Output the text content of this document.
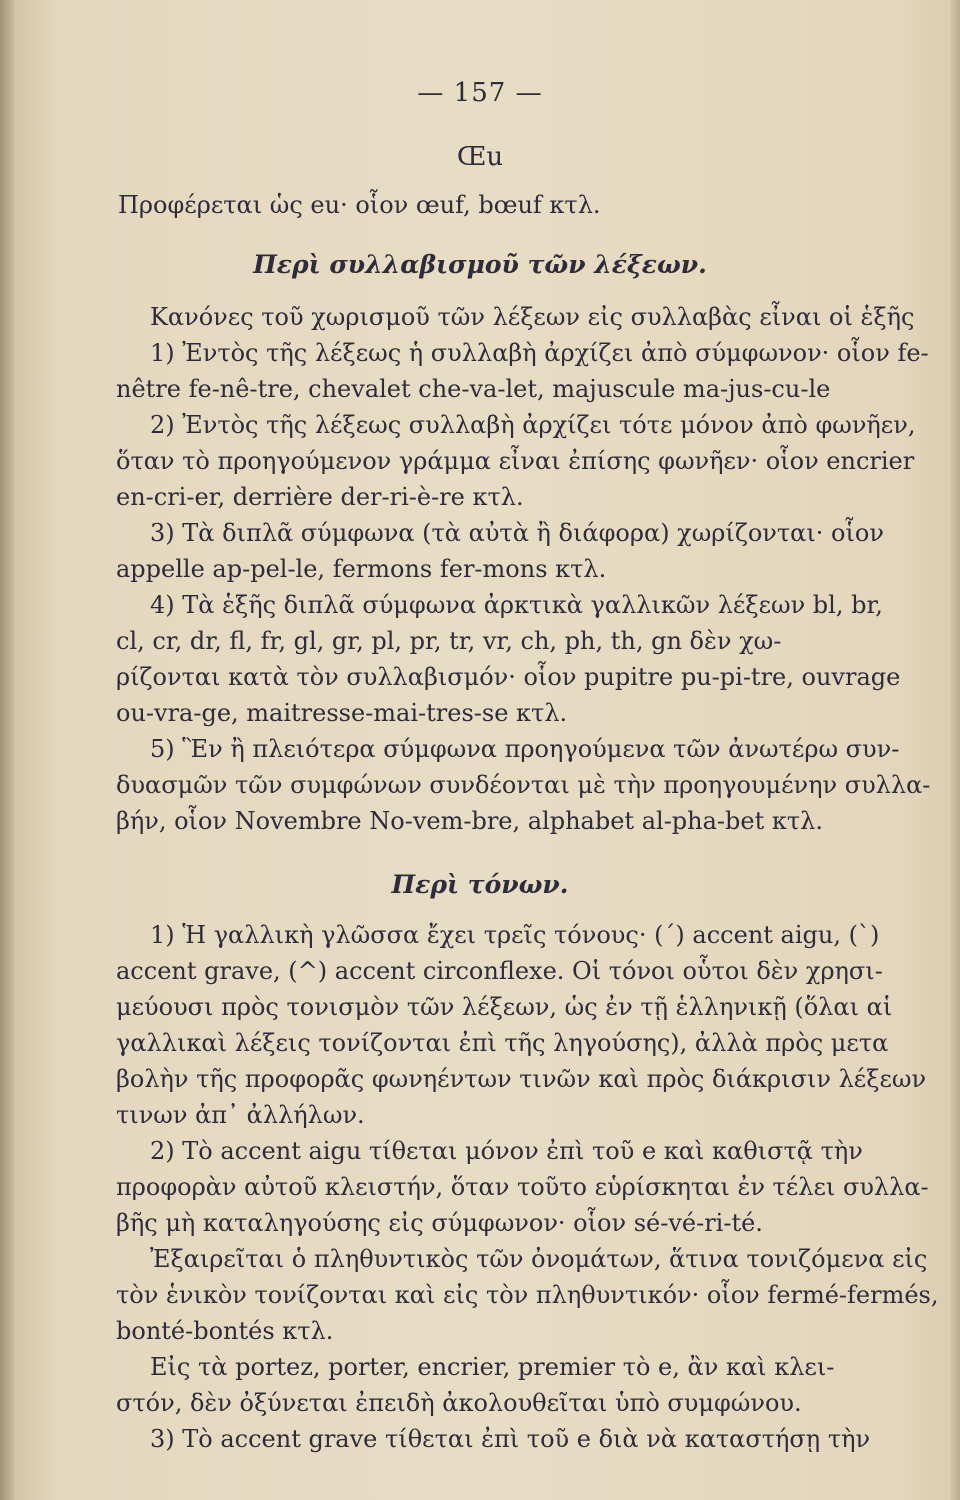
— 157 —
Œu
Προφέρεται ὡς eu· οἷον œuf, bœuf κτλ.
Περὶ συλλαβισμοῦ τῶν λέξεων.
Κανόνες τοῦ χωρισμοῦ τῶν λέξεων εἰς συλλαβὰς εἶναι οἱ ἑξῆς
1) Ἐντὸς τῆς λέξεως ἡ συλλαβὴ ἀρχίζει ἀπὸ σύμφωνον· οἷον fe-
nêtre fe-nê-tre, chevalet che-va-let, majuscule ma-jus-cu-le
2) Ἐντὸς τῆς λέξεως συλλαβὴ ἀρχίζει τότε μόνον ἀπὸ φωνῆεν,
ὅταν τὸ προηγούμενον γράμμα εἶναι ἐπίσης φωνῆεν· οἷον encrier
en-cri-er, derrière der-ri-è-re κτλ.
3) Τὰ διπλᾶ σύμφωνα (τὰ αὐτὰ ἢ διάφορα) χωρίζονται· οἷον
appelle ap-pel-le, fermons fer-mons κτλ.
4) Τὰ ἑξῆς διπλᾶ σύμφωνα ἀρκτικὰ γαλλικῶν λέξεων bl, br,
cl, cr, dr, fl, fr, gl, gr, pl, pr, tr, vr, ch, ph, th, gn δὲν χω-
ρίζονται κατὰ τὸν συλλαβισμόν· οἷον pupitre pu-pi-tre, ouvrage
ou-vra-ge, maitresse-mai-tres-se κτλ.
5) Ἓν ἢ πλειότερα σύμφωνα προηγούμενα τῶν ἀνωτέρω συν-
δυασμῶν τῶν συμφώνων συνδέονται μὲ τὴν προηγουμένην συλλα-
βήν, οἷον Novembre No-vem-bre, alphabet al-pha-bet κτλ.
Περὶ τόνων.
1) Ἡ γαλλικὴ γλῶσσα ἔχει τρεῖς τόνους· (΄) accent aigu, (`)
accent grave, (^) accent circonflexe. Οἱ τόνοι οὗτοι δὲν χρησι-
μεύουσι πρὸς τονισμὸν τῶν λέξεων, ὡς ἐν τῇ ἑλληνικῇ (ὅλαι αἱ
γαλλικαὶ λέξεις τονίζονται ἐπὶ τῆς ληγούσης), ἀλλὰ πρὸς μετα
βολὴν τῆς προφορᾶς φωνηέντων τινῶν καὶ πρὸς διάκρισιν λέξεων
τινων ἀπ᾿ ἀλλήλων.
2) Τὸ accent aigu τίθεται μόνον ἐπὶ τοῦ e καὶ καθιστᾷ τὴν
προφορὰν αὐτοῦ κλειστήν, ὅταν τοῦτο εὑρίσκηται ἐν τέλει συλλα-
βῆς μὴ καταληγούσης εἰς σύμφωνον· οἷον sé-vé-ri-té.
Ἐξαιρεῖται ὁ πληθυντικὸς τῶν ὀνομάτων, ἅτινα τονιζόμενα εἰς
τὸν ἑνικὸν τονίζονται καὶ εἰς τὸν πληθυντικόν· οἷον fermé-fermés,
bonté-bontés κτλ.
Εἰς τὰ portez, porter, encrier, premier τὸ e, ἂν καὶ κλει-
στόν, δὲν ὀξύνεται ἐπειδὴ ἀκολουθεῖται ὑπὸ συμφώνου.
3) Τὸ accent grave τίθεται ἐπὶ τοῦ e διὰ νὰ καταστήσῃ τὴν
